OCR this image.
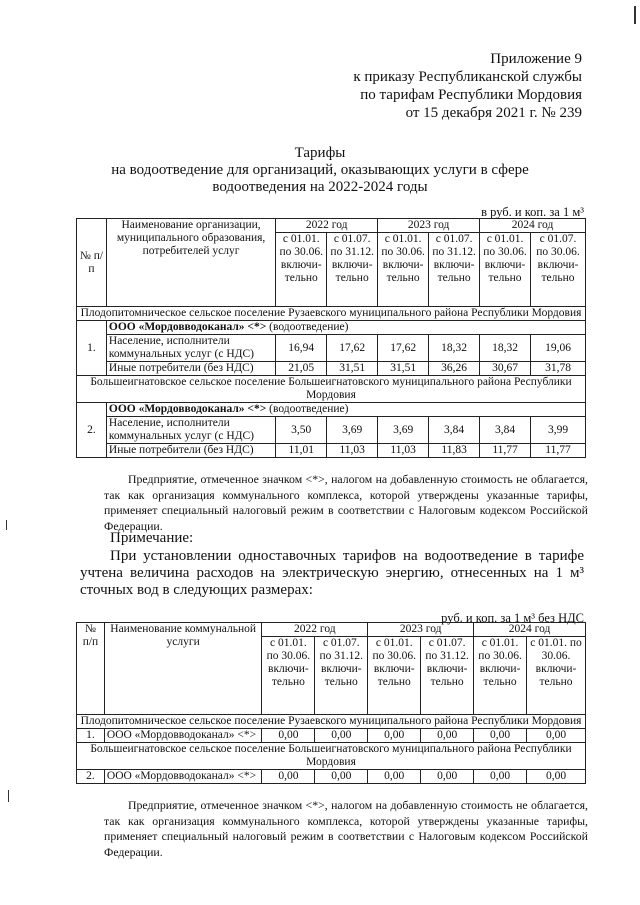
Приложение 9
к приказу Республиканской службы
по тарифам Республики Мордовия
от 15 декабря 2021 г. № 239
Тарифы
на водоотведение для организаций, оказывающих услуги в сфере
водоотведения на 2022-2024 годы
в руб. и коп. за 1 м³
№ п/п	Наименование организации, муниципального образования, потребителей услуг	2022 год		2023 год		2024 год	
		с 01.01. по 30.06. включи-тельно	с 01.07. по 31.12. включи-тельно	с 01.01. по 30.06. включи-тельно	с 01.07. по 31.12. включи-тельно	с 01.01. по 30.06. включи-тельно	с 01.07. по 30.06. включи-тельно
Плодопитомническое сельское поселение Рузаевского муниципального района Республики Мордовия							
1.	ООО «Мордовводоканал» <*> (водоотведение)						
	Население, исполнители коммунальных услуг (с НДС)	16,94	17,62	17,62	18,32	18,32	19,06
	Иные потребители (без НДС)	21,05	31,51	31,51	36,26	30,67	31,78
Большеигнатовское сельское поселение Большеигнатовского муниципального района Республики Мордовия							
2.	ООО «Мордовводоканал» <*> (водоотведение)						
	Население, исполнители коммунальных услуг (с НДС)	3,50	3,69	3,69	3,84	3,84	3,99
	Иные потребители (без НДС)	11,01	11,03	11,03	11,83	11,77	11,77
Предприятие, отмеченное значком <*>, налогом на добавленную стоимость не облагается, так как организация коммунального комплекса, которой утверждены указанные тарифы, применяет специальный налоговый режим в соответствии с Налоговым кодексом Российской Федерации.
Примечание:
При установлении одноставочных тарифов на водоотведение в тарифе учтена величина расходов на электрическую энергию, отнесенных на 1 м³ сточных вод в следующих размерах:
руб. и коп. за 1 м³ без НДС
№ п/п	Наименование коммунальной услуги	2022 год		2023 год		2024 год	
		с 01.01. по 30.06. включи-тельно	с 01.07. по 31.12. включи-тельно	с 01.01. по 30.06. включи-тельно	с 01.07. по 31.12. включи-тельно	с 01.01. по 30.06. включи-тельно	с 01.01. по 30.06. включи-тельно
Плодопитомническое сельское поселение Рузаевского муниципального района Республики Мордовия							
1.	ООО «Мордовводоканал» <*>	0,00	0,00	0,00	0,00	0,00	0,00
Большеигнатовское сельское поселение Большеигнатовского муниципального района Республики Мордовия							
2.	ООО «Мордовводоканал» <*>	0,00	0,00	0,00	0,00	0,00	0,00
Предприятие, отмеченное значком <*>, налогом на добавленную стоимость не облагается, так как организация коммунального комплекса, которой утверждены указанные тарифы, применяет специальный налоговый режим в соответствии с Налоговым кодексом Российской Федерации.
